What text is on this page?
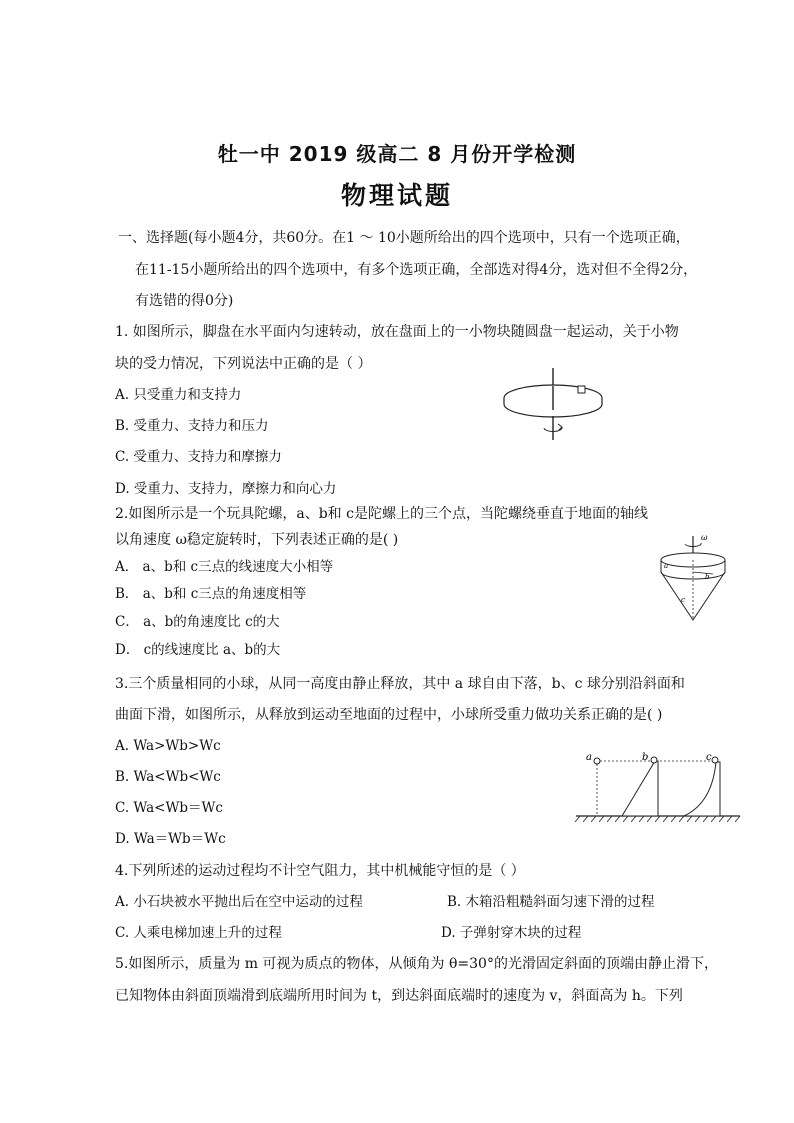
牡一中 2019 级高二 8 月份开学检测
物理试题
一、选择题(每小题4分，共60分。在1 ～ 10小题所给出的四个选项中，只有一个选项正确，
在11-15小题所给出的四个选项中，有多个选项正确，全部选对得4分，选对但不全得2分，
有选错的得0分)
1. 如图所示，脚盘在水平面内匀速转动，放在盘面上的一小物块随圆盘一起运动，关于小物
块的受力情况，下列说法中正确的是（ ）
A. 只受重力和支持力
B. 受重力、支持力和压力
C. 受重力、支持力和摩擦力
D. 受重力、支持力，摩擦力和向心力
2.如图所示是一个玩具陀螺，a、b和 c是陀螺上的三个点，当陀螺绕垂直于地面的轴线
以角速度 ω稳定旋转时，下列表述正确的是( )
A． a、b和 c三点的线速度大小相等
B． a、b和 c三点的角速度相等
C． a、b的角速度比 c的大
D． c的线速度比 a、b的大
ω
a
b
c
3.三个质量相同的小球，从同一高度由静止释放，其中 a 球自由下落，b、c 球分别沿斜面和
曲面下滑，如图所示，从释放到运动至地面的过程中，小球所受重力做功关系正确的是( )
A. Wa>Wb>Wc
B. Wa<Wb<Wc
C. Wa<Wb＝Wc
D. Wa＝Wb＝Wc
a	b	c
4.下列所述的运动过程均不计空气阻力，其中机械能守恒的是（ ）
A. 小石块被水平抛出后在空中运动的过程	B. 木箱沿粗糙斜面匀速下滑的过程
C. 人乘电梯加速上升的过程	D. 子弹射穿木块的过程
5.如图所示，质量为 m 可视为质点的物体，从倾角为 θ=30°的光滑固定斜面的顶端由静止滑下，
已知物体由斜面顶端滑到底端所用时间为 t，到达斜面底端时的速度为 v，斜面高为 h。下列
